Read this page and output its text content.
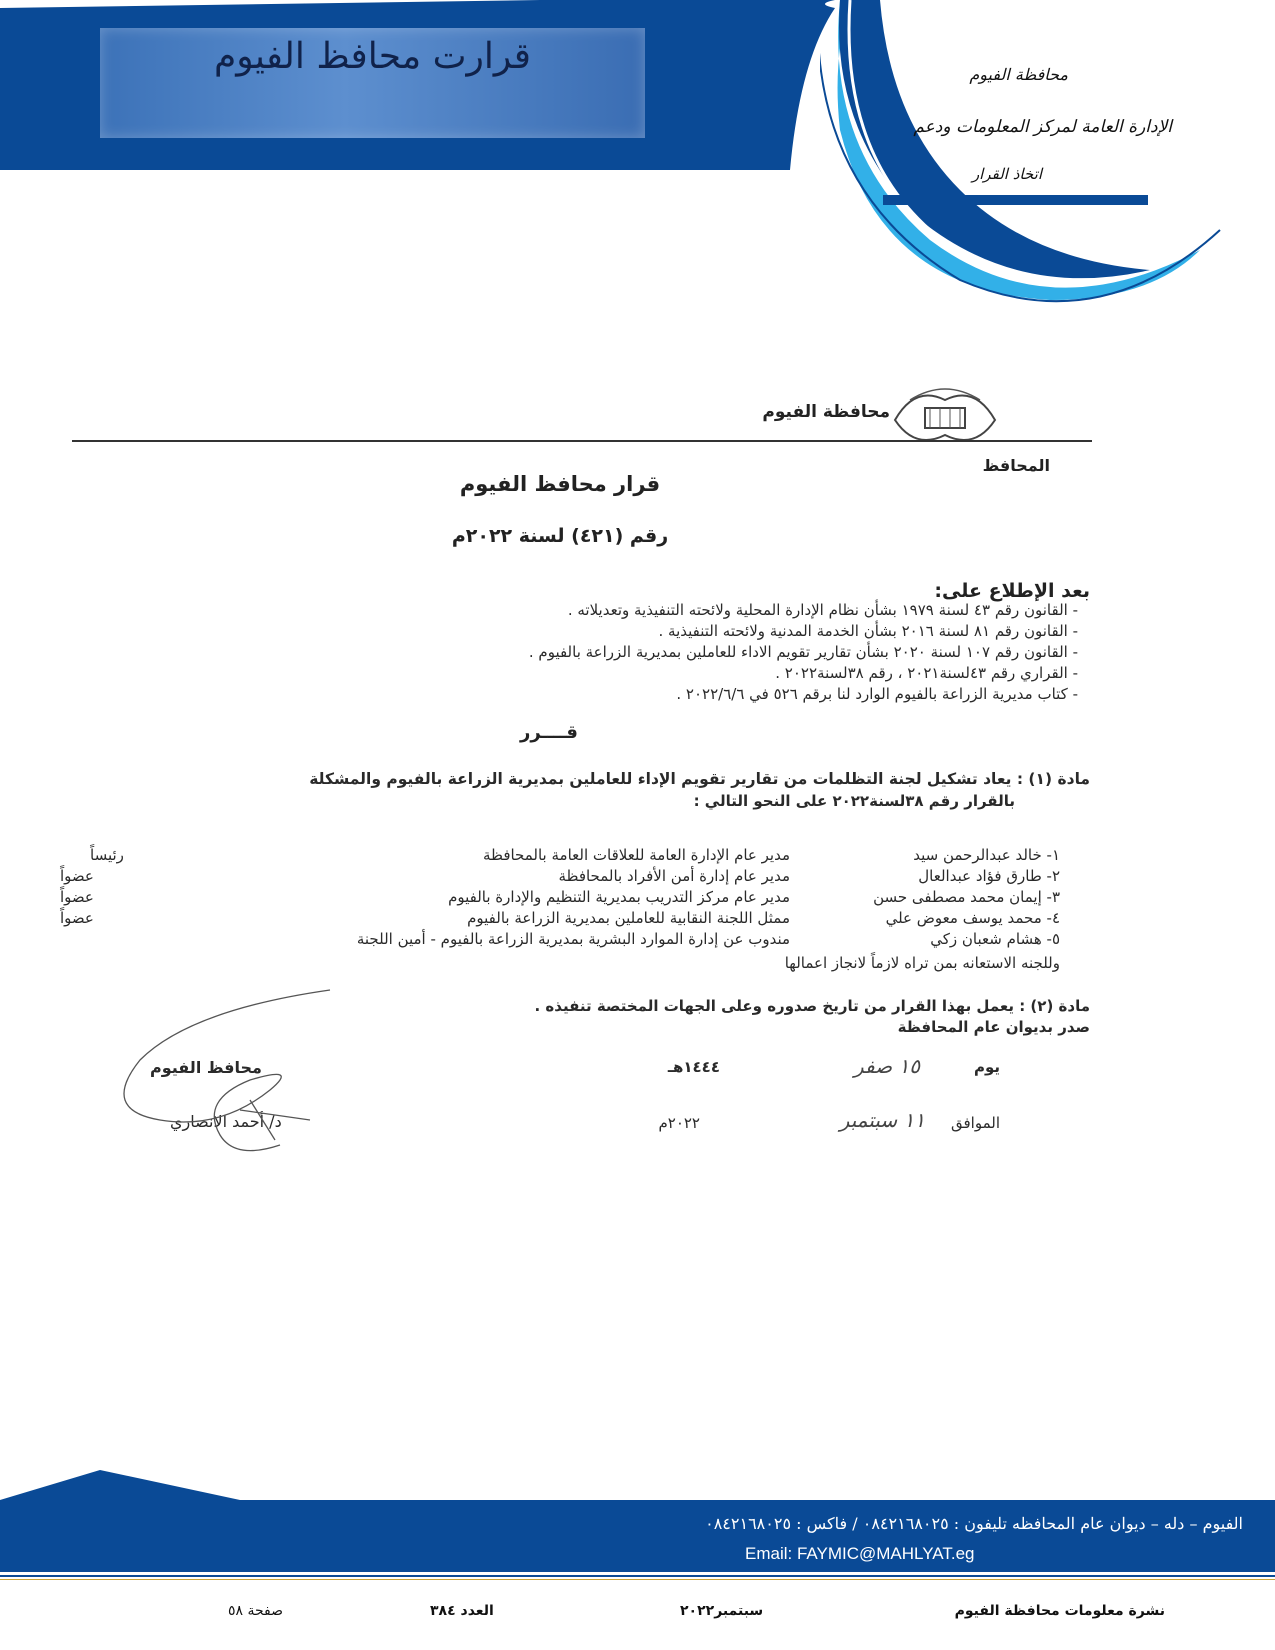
قرارت محافظ الفيوم	محافظة الفيوم
الإدارة العامة لمركز المعلومات ودعم
اتخاذ القرار
محافظة الفيوم
المحافظ
قرار محافظ الفيوم
رقم (٤٢١) لسنة ٢٠٢٢م
بعد الإطلاع على:
- القانون رقم ٤٣ لسنة ١٩٧٩ بشأن نظام الإدارة المحلية ولائحته التنفيذية وتعديلاته .
- القانون رقم ٨١ لسنة ٢٠١٦ بشأن الخدمة المدنية ولائحته التنفيذية .
- القانون رقم ١٠٧ لسنة ٢٠٢٠ بشأن تقارير تقويم الاداء للعاملين بمديرية الزراعة بالفيوم .
- القراري رقم ٤٣لسنة٢٠٢١ ، رقم ٣٨لسنة٢٠٢٢ .
- كتاب مديرية الزراعة بالفيوم الوارد لنا برقم ٥٢٦ في ٢٠٢٢/٦/٦ .
قــــرر
مادة (١) : يعاد تشكيل لجنة التظلمات من تقارير تقويم الإداء للعاملين بمديرية الزراعة بالفيوم والمشكلة
بالقرار رقم ٣٨لسنة٢٠٢٢ على النحو التالي :
١- خالد عبدالرحمن سيد
مدير عام الإدارة العامة للعلاقات العامة بالمحافظة
رئيساً
٢- طارق فؤاد عبدالعال
مدير عام إدارة أمن الأفراد بالمحافظة
عضواً
٣- إيمان محمد مصطفى حسن
مدير عام مركز التدريب بمديرية التنظيم والإدارة بالفيوم
عضواً
٤- محمد يوسف معوض علي
ممثل اللجنة النقابية للعاملين بمديرية الزراعة بالفيوم
عضواً
٥- هشام شعبان زكي
مندوب عن إدارة الموارد البشرية بمديرية الزراعة بالفيوم - أمين اللجنة
وللجنه الاستعانه بمن تراه لازماً لانجاز اعمالها
مادة (٢) : يعمل بهذا القرار من تاريخ صدوره وعلى الجهات المختصة تنفيذه .
صدر بديوان عام المحافظة
يوم
١٥ صفر
١٤٤٤هـ
الموافق
١١ سبتمبر
٢٠٢٢م
محافظ الفيوم
د/ أحمد الانصاري
الفيوم – دله – ديوان عام المحافظه تليفون : ٠٨٤٢١٦٨٠٢٥ / فاكس : ٠٨٤٢١٦٨٠٢٥
Email: FAYMIC@MAHLYAT.eg
نشرة معلومات محافظة الفيوم
سبتمبر٢٠٢٢
العدد ٣٨٤
صفحة ٥٨
